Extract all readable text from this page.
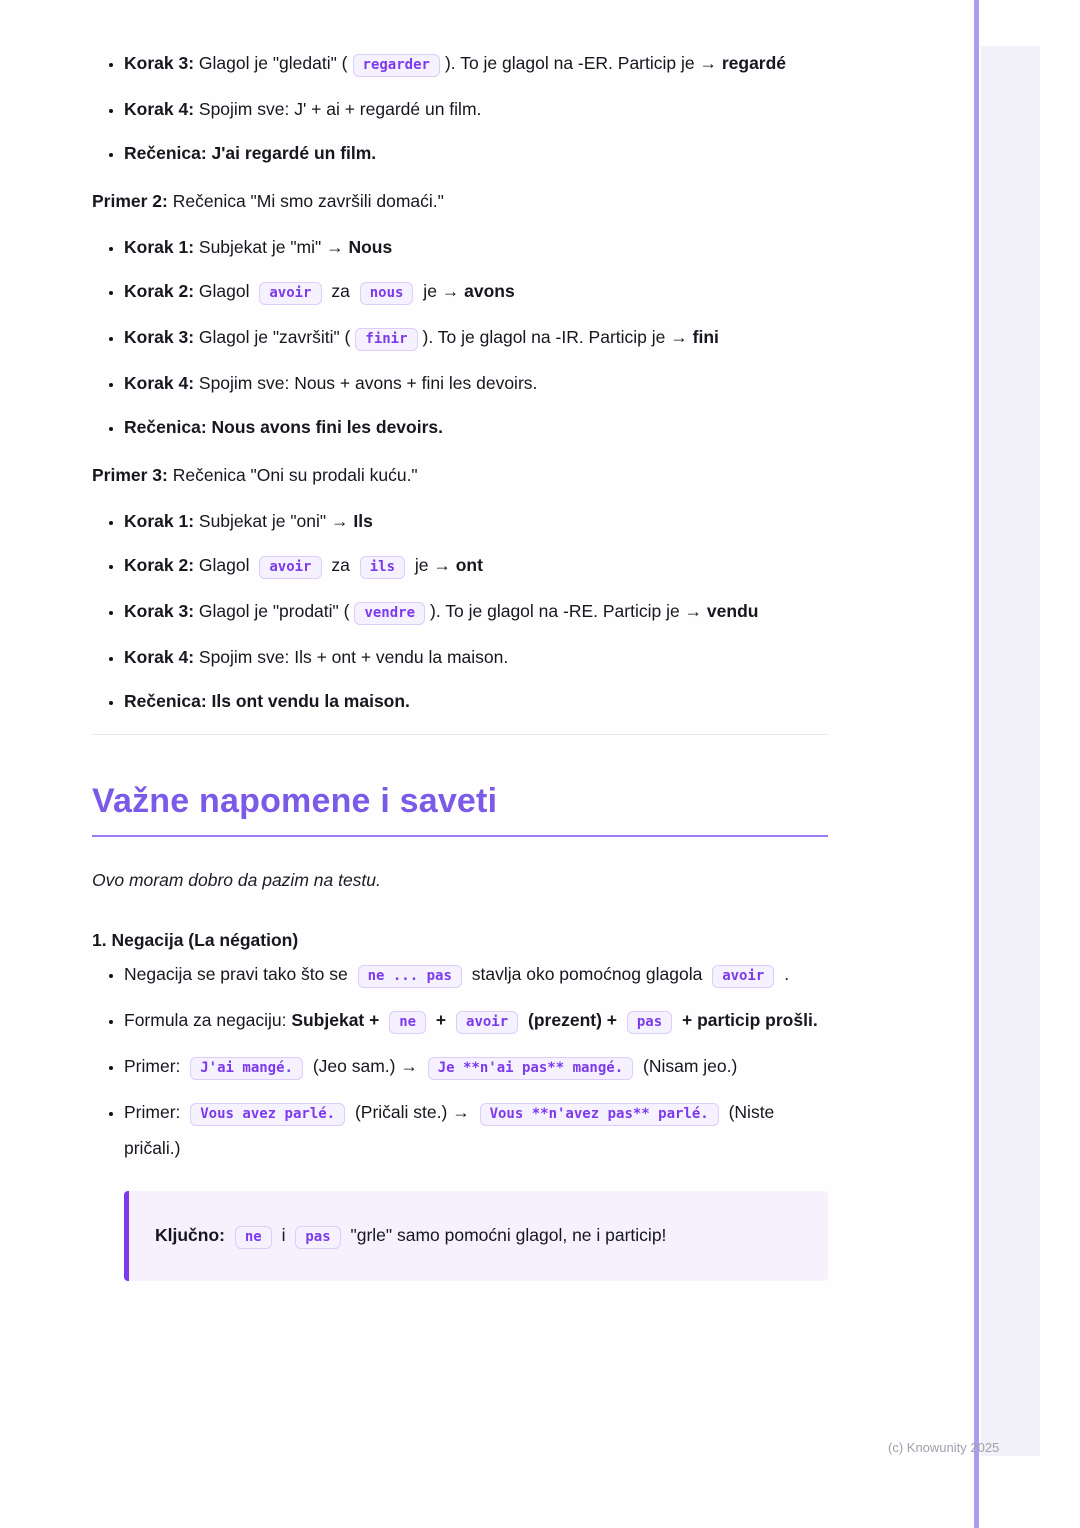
• Korak 3: Glagol je "gledati" ( regarder ). To je glagol na -ER. Particip je → regardé
• Korak 4: Spojim sve: J' + ai + regardé un film.
• Rečenica: J'ai regardé un film.

Primer 2: Rečenica "Mi smo završili domaći."

• Korak 1: Subjekat je "mi" → Nous
• Korak 2: Glagol avoir za nous je → avons
• Korak 3: Glagol je "završiti" ( finir ). To je glagol na -IR. Particip je → fini
• Korak 4: Spojim sve: Nous + avons + fini les devoirs.
• Rečenica: Nous avons fini les devoirs.

Primer 3: Rečenica "Oni su prodali kuću."

• Korak 1: Subjekat je "oni" → Ils
• Korak 2: Glagol avoir za ils je → ont
• Korak 3: Glagol je "prodati" ( vendre ). To je glagol na -RE. Particip je → vendu
• Korak 4: Spojim sve: Ils + ont + vendu la maison.
• Rečenica: Ils ont vendu la maison.
Važne napomene i saveti

Ovo moram dobro da pazim na testu.

1. Negacija (La négation)

• Negacija se pravi tako što se ne ... pas stavlja oko pomoćnog glagola avoir .
• Formula za negaciju: Subjekat + ne + avoir (prezent) + pas + particip prošli.
• Primer: J'ai mangé. (Jeo sam.) → Je **n'ai pas** mangé. (Nisam jeo.)
• Primer: Vous avez parlé. (Pričali ste.) → Vous **n'avez pas** parlé. (Niste pričali.)

Ključno: ne i pas "grle" samo pomoćni glagol, ne i particip!

(c) Knowunity 2025
